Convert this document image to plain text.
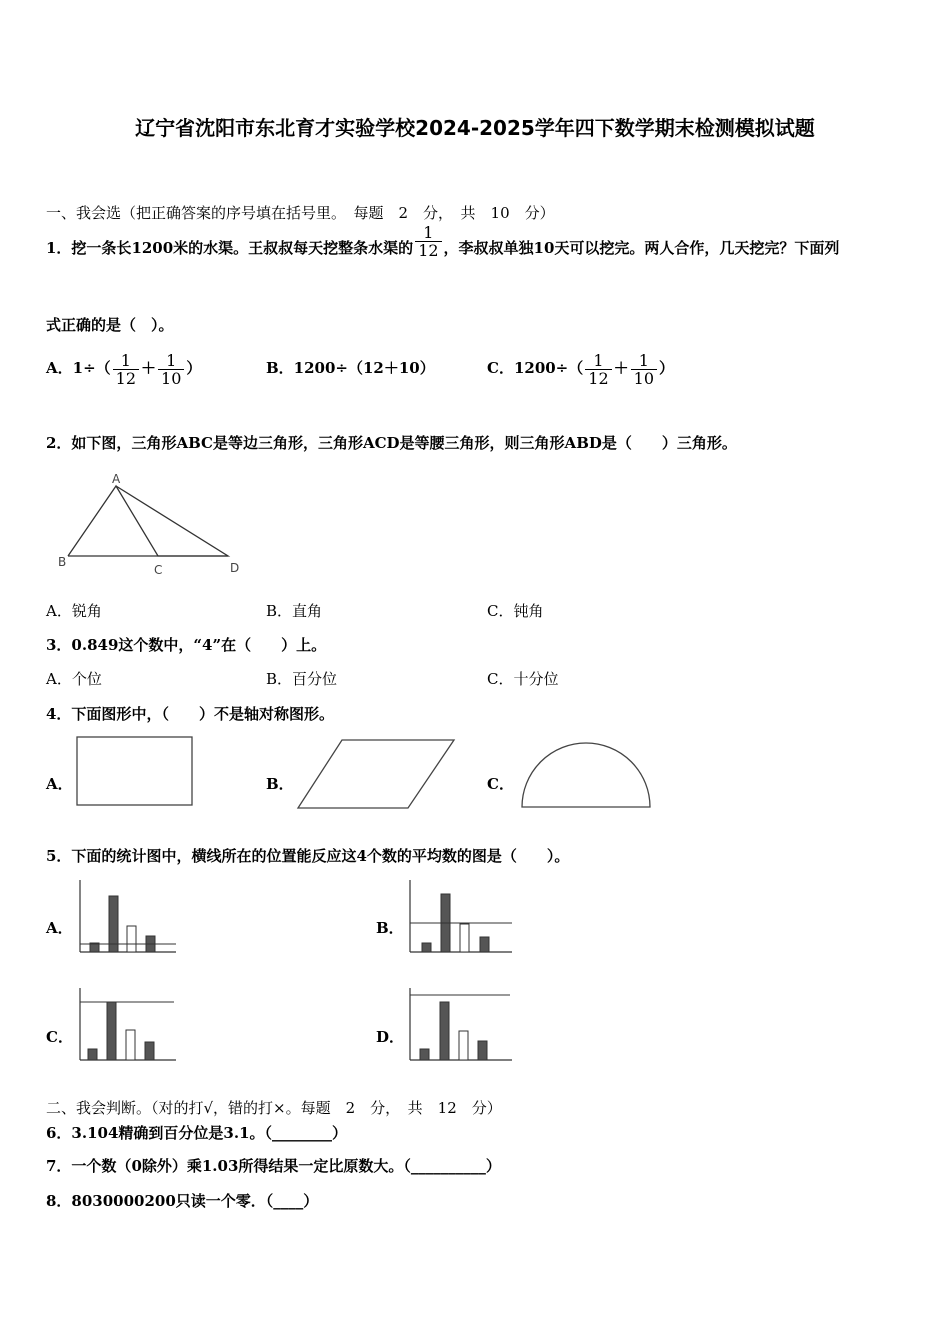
辽宁省沈阳市东北育才实验学校2024-2025学年四下数学期末检测模拟试题
一、我会选（把正确答案的序号填在括号里。　每题　2　分，　共　10　分）
1．挖一条长1200米的水渠。王叔叔每天挖整条水渠的 $\frac{1}{12}$ ，李叔叔单独10天可以挖完。两人合作，几天挖完？下面列
式正确的是（　）。
A．$1\div( \frac{1}{12} + \frac{1}{10}$ ）	B．1200÷（12＋10）	C．$1200\div( \frac{1}{12} + \frac{1}{10}$ ）
2．如下图，三角形ABC是等边三角形，三角形ACD是等腰三角形，则三角形ABD是（　　）三角形。
A
B
C	D
A．锐角	B．直角	C．钝角
3．0.849这个数中，“4”在（　　）上。
A．个位	B．百分位	C．十分位
4．下面图形中，（　　）不是轴对称图形。
A．	B．	C．
5．下面的统计图中，横线所在的位置能反应这4个数的平均数的图是（　　）。
A．	B．
C．	D．
二、我会判断。（对的打√，错的打×。每题　2　分，　共　12　分）
6．3.104精确到百分位是3.1。（________）
7．一个数（0除外）乘1.03所得结果一定比原数大。（__________）
8．8030000200只读一个零．（____）
